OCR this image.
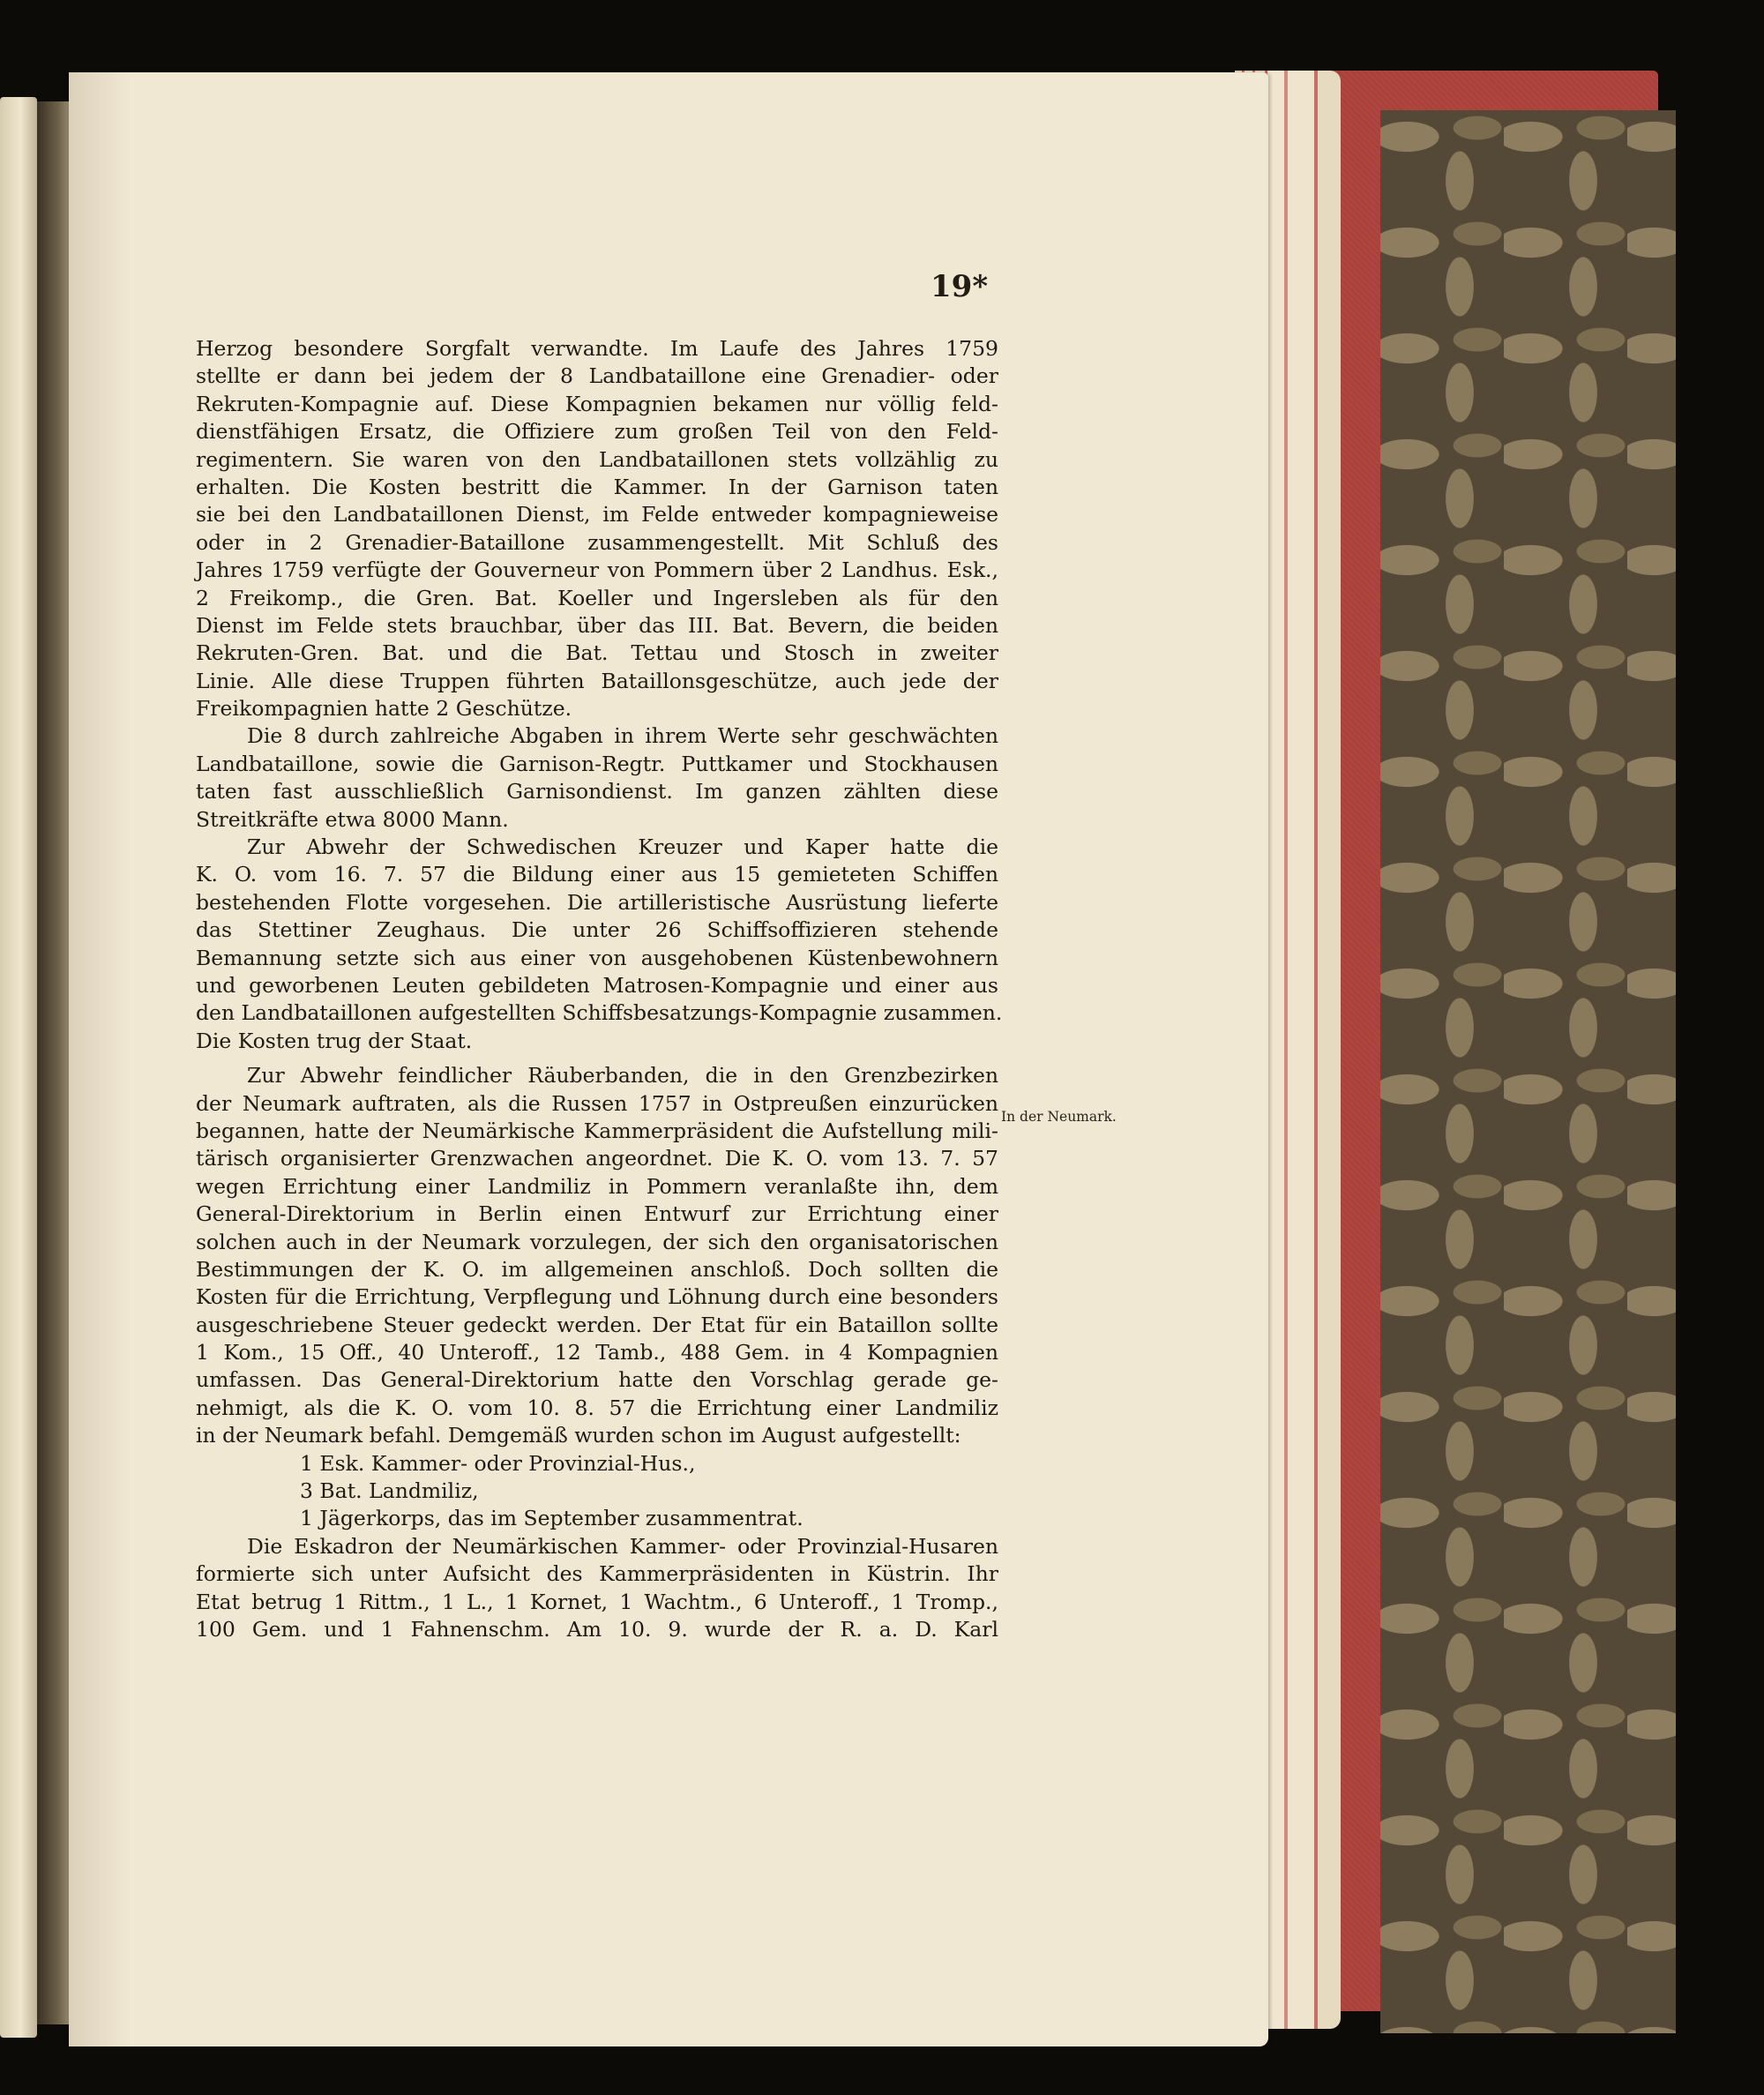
19*
Herzog besondere Sorgfalt verwandte. Im Laufe des Jahres 1759
stellte er dann bei jedem der 8 Landbataillone eine Grenadier- oder
Rekruten-Kompagnie auf. Diese Kompagnien bekamen nur völlig feld-
dienstfähigen Ersatz, die Offiziere zum großen Teil von den Feld-
regimentern. Sie waren von den Landbataillonen stets vollzählig zu
erhalten. Die Kosten bestritt die Kammer. In der Garnison taten
sie bei den Landbataillonen Dienst, im Felde entweder kompagnieweise
oder in 2 Grenadier-Bataillone zusammengestellt. Mit Schluß des
Jahres 1759 verfügte der Gouverneur von Pommern über 2 Landhus. Esk.,
2 Freikomp., die Gren. Bat. Koeller und Ingersleben als für den
Dienst im Felde stets brauchbar, über das III. Bat. Bevern, die beiden
Rekruten-Gren. Bat. und die Bat. Tettau und Stosch in zweiter
Linie. Alle diese Truppen führten Bataillonsgeschütze, auch jede der
Freikompagnien hatte 2 Geschütze.
Die 8 durch zahlreiche Abgaben in ihrem Werte sehr geschwächten
Landbataillone, sowie die Garnison-Regtr. Puttkamer und Stockhausen
taten fast ausschließlich Garnisondienst. Im ganzen zählten diese
Streitkräfte etwa 8000 Mann.
Zur Abwehr der Schwedischen Kreuzer und Kaper hatte die
K. O. vom 16. 7. 57 die Bildung einer aus 15 gemieteten Schiffen
bestehenden Flotte vorgesehen. Die artilleristische Ausrüstung lieferte
das Stettiner Zeughaus. Die unter 26 Schiffsoffizieren stehende
Bemannung setzte sich aus einer von ausgehobenen Küstenbewohnern
und geworbenen Leuten gebildeten Matrosen-Kompagnie und einer aus
den Landbataillonen aufgestellten Schiffsbesatzungs-Kompagnie zusammen.
Die Kosten trug der Staat.
Zur Abwehr feindlicher Räuberbanden, die in den Grenzbezirken
der Neumark auftraten, als die Russen 1757 in Ostpreußen einzurücken
begannen, hatte der Neumärkische Kammerpräsident die Aufstellung mili-
tärisch organisierter Grenzwachen angeordnet. Die K. O. vom 13. 7. 57
wegen Errichtung einer Landmiliz in Pommern veranlaßte ihn, dem
General-Direktorium in Berlin einen Entwurf zur Errichtung einer
solchen auch in der Neumark vorzulegen, der sich den organisatorischen
Bestimmungen der K. O. im allgemeinen anschloß. Doch sollten die
Kosten für die Errichtung, Verpflegung und Löhnung durch eine besonders
ausgeschriebene Steuer gedeckt werden. Der Etat für ein Bataillon sollte
1 Kom., 15 Off., 40 Unteroff., 12 Tamb., 488 Gem. in 4 Kompagnien
umfassen. Das General-Direktorium hatte den Vorschlag gerade ge-
nehmigt, als die K. O. vom 10. 8. 57 die Errichtung einer Landmiliz
in der Neumark befahl. Demgemäß wurden schon im August aufgestellt:
1 Esk. Kammer- oder Provinzial-Hus.,
3 Bat. Landmiliz,
1 Jägerkorps, das im September zusammentrat.
Die Eskadron der Neumärkischen Kammer- oder Provinzial-Husaren
formierte sich unter Aufsicht des Kammerpräsidenten in Küstrin. Ihr
Etat betrug 1 Rittm., 1 L., 1 Kornet, 1 Wachtm., 6 Unteroff., 1 Tromp.,
100 Gem. und 1 Fahnenschm. Am 10. 9. wurde der R. a. D. Karl
In der Neumark.
